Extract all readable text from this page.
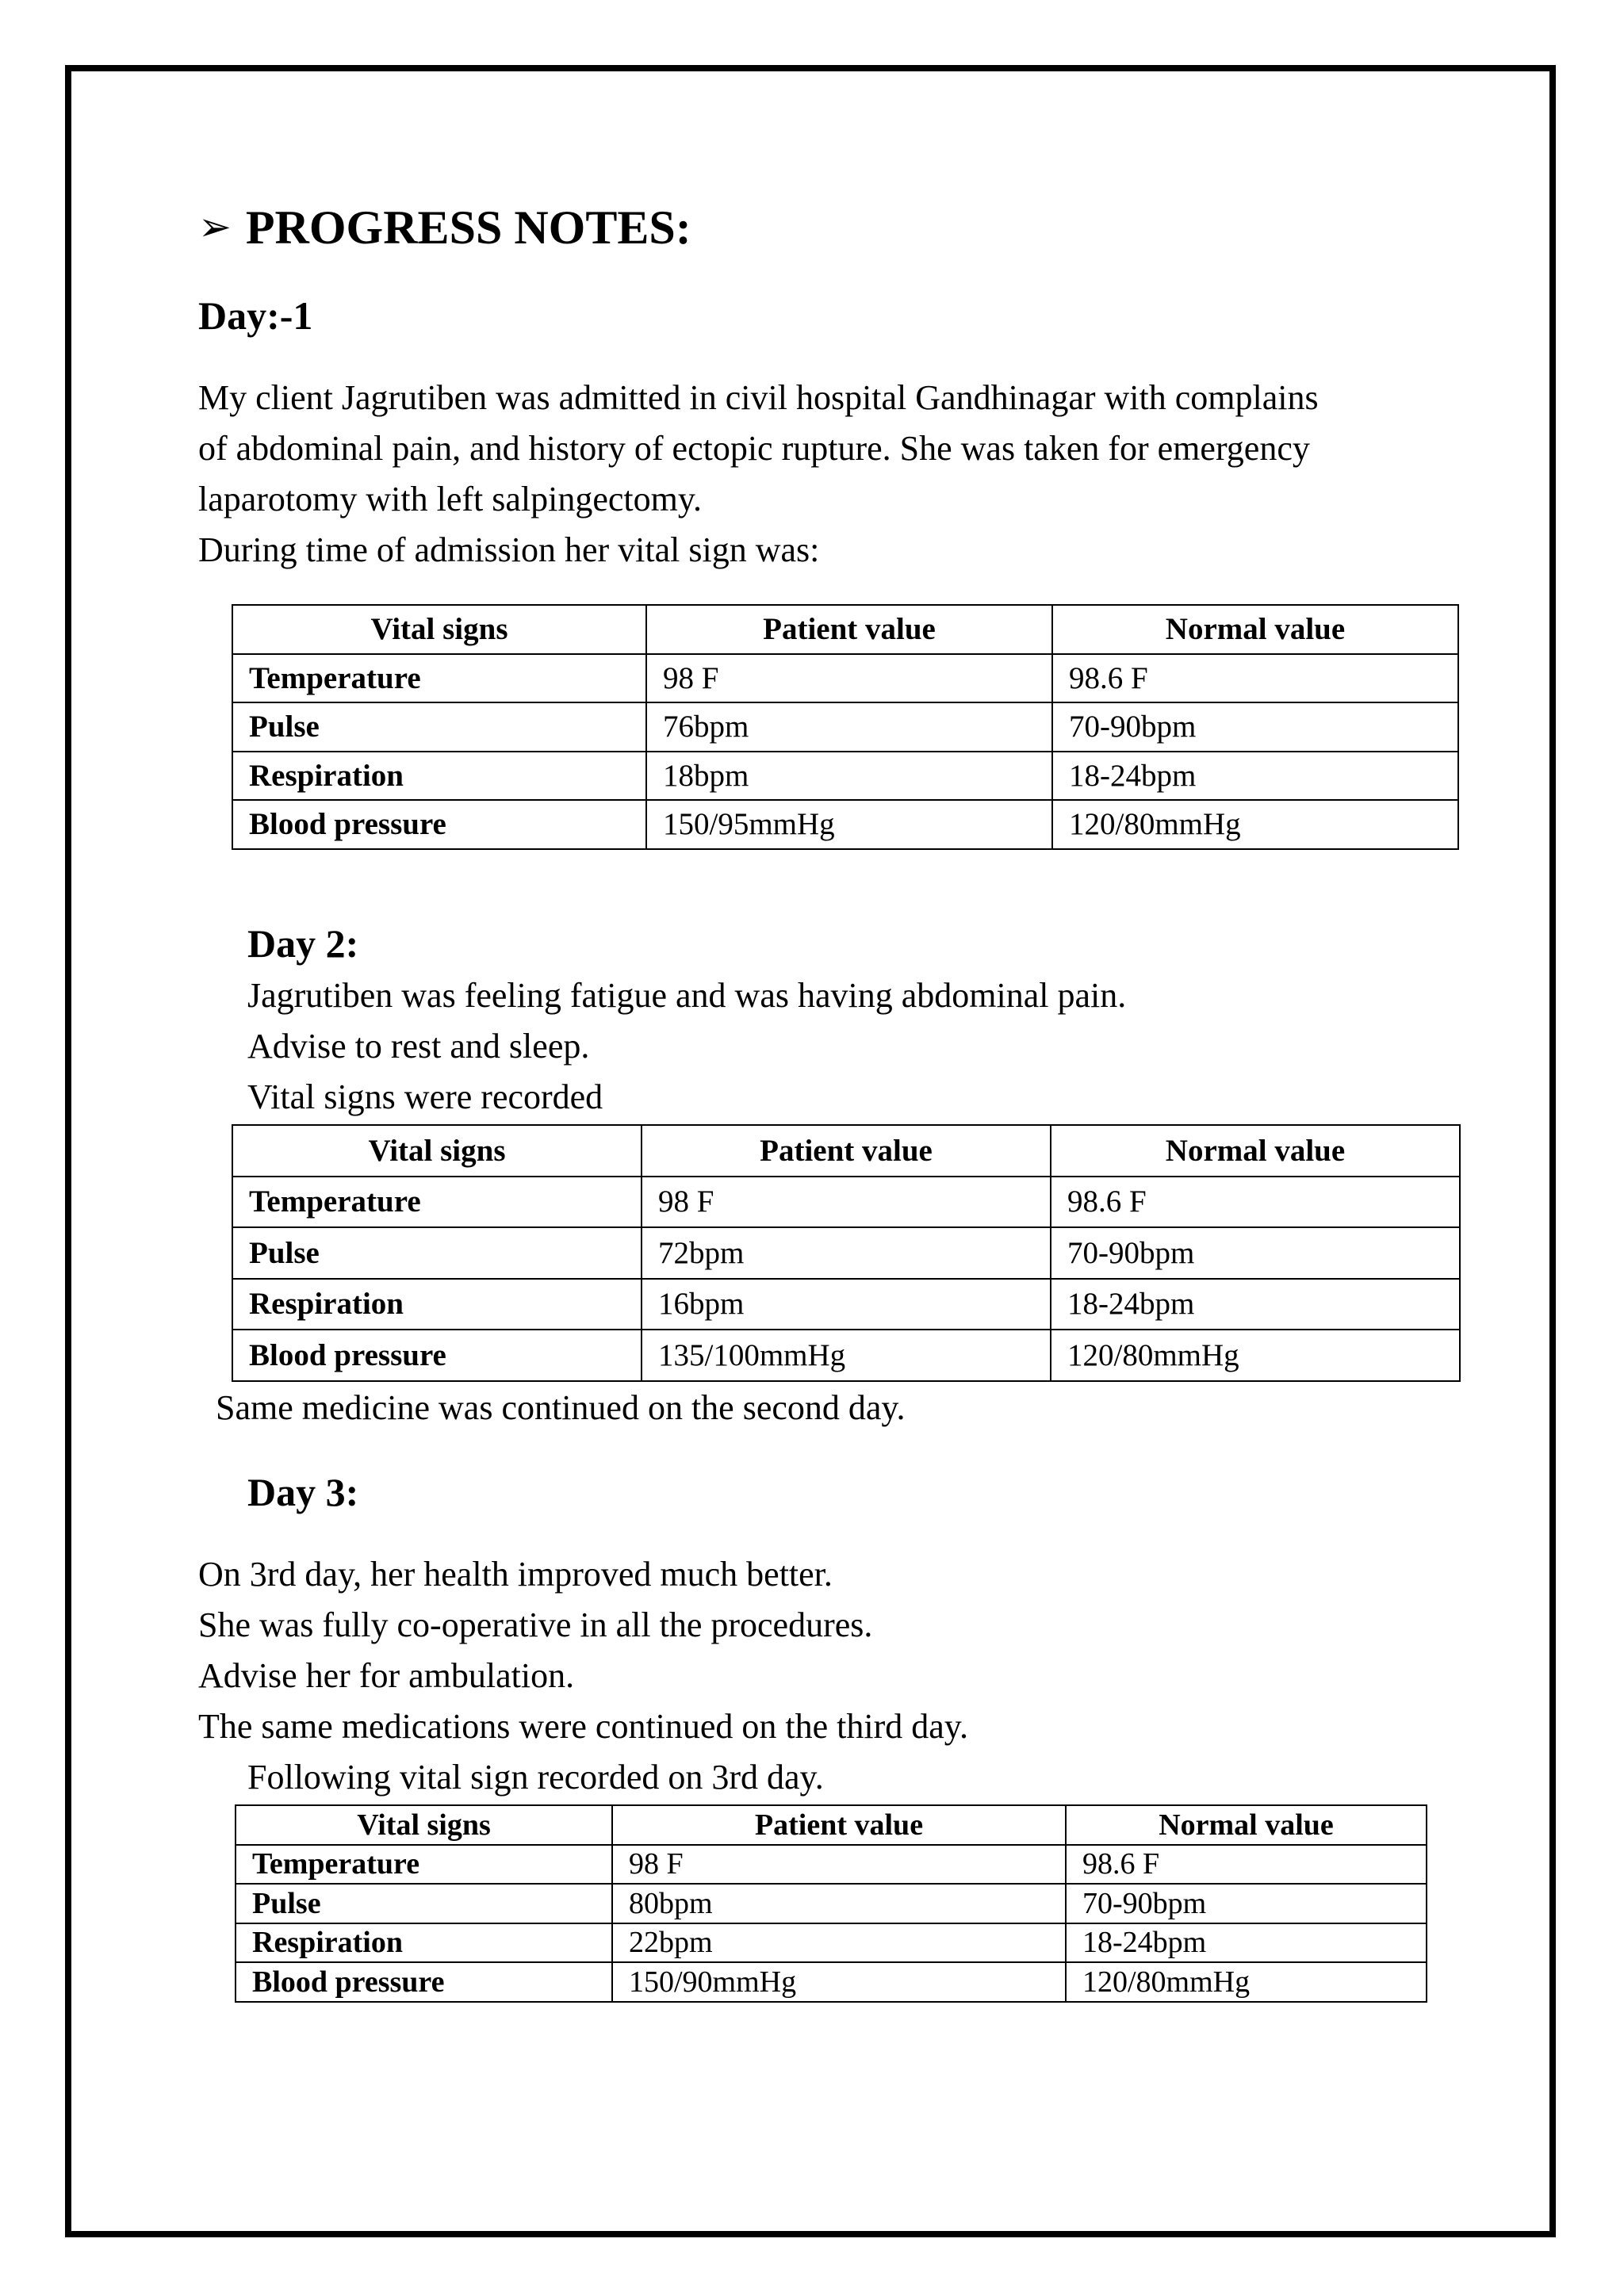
➢ PROGRESS NOTES:
Day:-1
My client Jagrutiben was admitted in civil hospital Gandhinagar with complains
of abdominal pain, and history of ectopic rupture. She was taken for emergency
laparotomy with left salpingectomy.
During time of admission her vital sign was:
Vital signs	Patient value	Normal value
Temperature	98 F	98.6 F
Pulse	76bpm	70-90bpm
Respiration	18bpm	18-24bpm
Blood pressure	150/95mmHg	120/80mmHg
Day 2:
Jagrutiben was feeling fatigue and was having abdominal pain.
Advise to rest and sleep.
Vital signs were recorded
Vital signs	Patient value	Normal value
Temperature	98 F	98.6 F
Pulse	72bpm	70-90bpm
Respiration	16bpm	18-24bpm
Blood pressure	135/100mmHg	120/80mmHg
Same medicine was continued on the second day.
Day 3:
On 3rd day, her health improved much better.
She was fully co-operative in all the procedures.
Advise her for ambulation.
The same medications were continued on the third day.
Following vital sign recorded on 3rd day.
Vital signs	Patient value	Normal value
Temperature	98 F	98.6 F
Pulse	80bpm	70-90bpm
Respiration	22bpm	18-24bpm
Blood pressure	150/90mmHg	120/80mmHg
